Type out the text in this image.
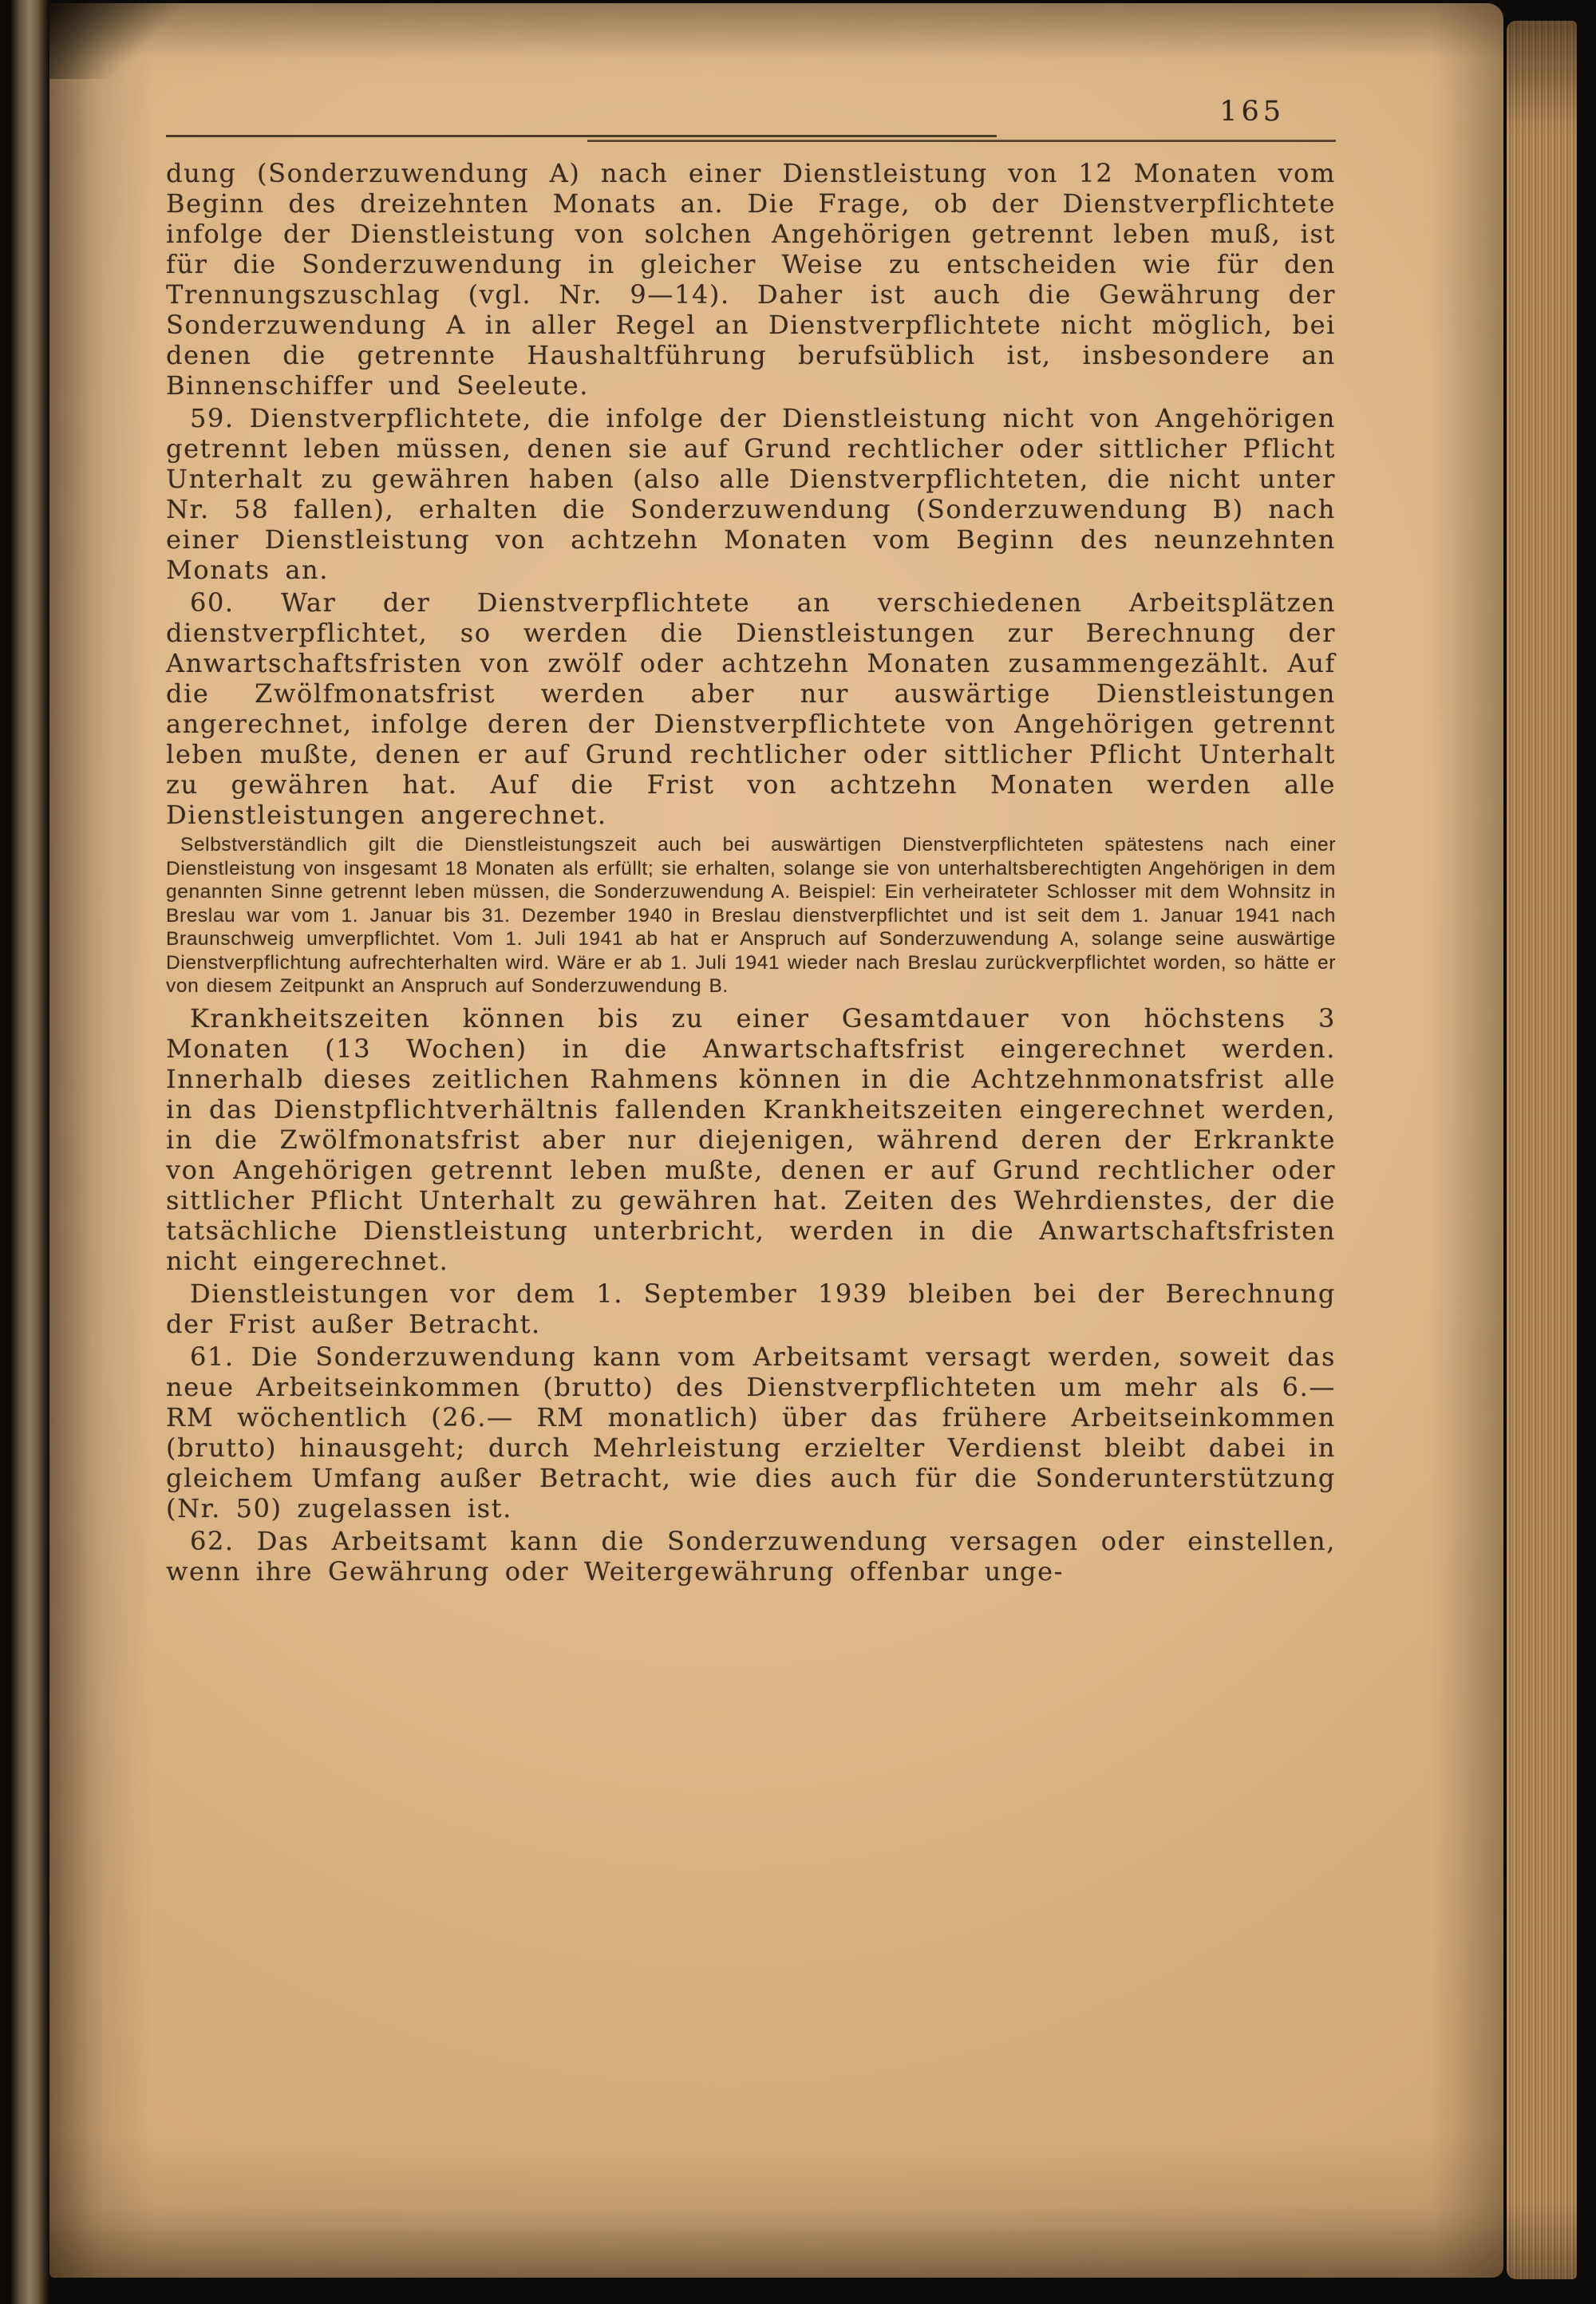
165

dung (Sonderzuwendung A) nach einer Dienstleistung von 12 Monaten vom Beginn des dreizehnten Monats an. Die Frage, ob der Dienstverpflichtete infolge der Dienstleistung von solchen Angehörigen getrennt leben muß, ist für die Sonderzuwendung in gleicher Weise zu entscheiden wie für den Trennungszuschlag (vgl. Nr. 9—14). Daher ist auch die Gewährung der Sonderzuwendung A in aller Regel an Dienstverpflichtete nicht möglich, bei denen die getrennte Haushaltführung berufsüblich ist, insbesondere an Binnenschiffer und Seeleute.

59. Dienstverpflichtete, die infolge der Dienstleistung nicht von Angehörigen getrennt leben müssen, denen sie auf Grund rechtlicher oder sittlicher Pflicht Unterhalt zu gewähren haben (also alle Dienstverpflichteten, die nicht unter Nr. 58 fallen), erhalten die Sonderzuwendung (Sonderzuwendung B) nach einer Dienstleistung von achtzehn Monaten vom Beginn des neunzehnten Monats an.

60. War der Dienstverpflichtete an verschiedenen Arbeitsplätzen dienstverpflichtet, so werden die Dienstleistungen zur Berechnung der Anwartschaftsfristen von zwölf oder achtzehn Monaten zusammengezählt. Auf die Zwölfmonatsfrist werden aber nur auswärtige Dienstleistungen angerechnet, infolge deren der Dienstverpflichtete von Angehörigen getrennt leben mußte, denen er auf Grund rechtlicher oder sittlicher Pflicht Unterhalt zu gewähren hat. Auf die Frist von achtzehn Monaten werden alle Dienstleistungen angerechnet.

Selbstverständlich gilt die Dienstleistungszeit auch bei auswärtigen Dienstverpflichteten spätestens nach einer Dienstleistung von insgesamt 18 Monaten als erfüllt; sie erhalten, solange sie von unterhaltsberechtigten Angehörigen in dem genannten Sinne getrennt leben müssen, die Sonderzuwendung A. Beispiel: Ein verheirateter Schlosser mit dem Wohnsitz in Breslau war vom 1. Januar bis 31. Dezember 1940 in Breslau dienstverpflichtet und ist seit dem 1. Januar 1941 nach Braunschweig umverpflichtet. Vom 1. Juli 1941 ab hat er Anspruch auf Sonderzuwendung A, solange seine auswärtige Dienstverpflichtung aufrechterhalten wird. Wäre er ab 1. Juli 1941 wieder nach Breslau zurückverpflichtet worden, so hätte er von diesem Zeitpunkt an Anspruch auf Sonderzuwendung B.

Krankheitszeiten können bis zu einer Gesamtdauer von höchstens 3 Monaten (13 Wochen) in die Anwartschaftsfrist eingerechnet werden. Innerhalb dieses zeitlichen Rahmens können in die Achtzehnmonatsfrist alle in das Dienstpflichtverhältnis fallenden Krankheitszeiten eingerechnet werden, in die Zwölfmonatsfrist aber nur diejenigen, während deren der Erkrankte von Angehörigen getrennt leben mußte, denen er auf Grund rechtlicher oder sittlicher Pflicht Unterhalt zu gewähren hat. Zeiten des Wehrdienstes, der die tatsächliche Dienstleistung unterbricht, werden in die Anwartschaftsfristen nicht eingerechnet.

Dienstleistungen vor dem 1. September 1939 bleiben bei der Berechnung der Frist außer Betracht.

61. Die Sonderzuwendung kann vom Arbeitsamt versagt werden, soweit das neue Arbeitseinkommen (brutto) des Dienstverpflichteten um mehr als 6.— RM wöchentlich (26.— RM monatlich) über das frühere Arbeitseinkommen (brutto) hinausgeht; durch Mehrleistung erzielter Verdienst bleibt dabei in gleichem Umfang außer Betracht, wie dies auch für die Sonderunterstützung (Nr. 50) zugelassen ist.

62. Das Arbeitsamt kann die Sonderzuwendung versagen oder einstellen, wenn ihre Gewährung oder Weitergewährung offenbar unge-
